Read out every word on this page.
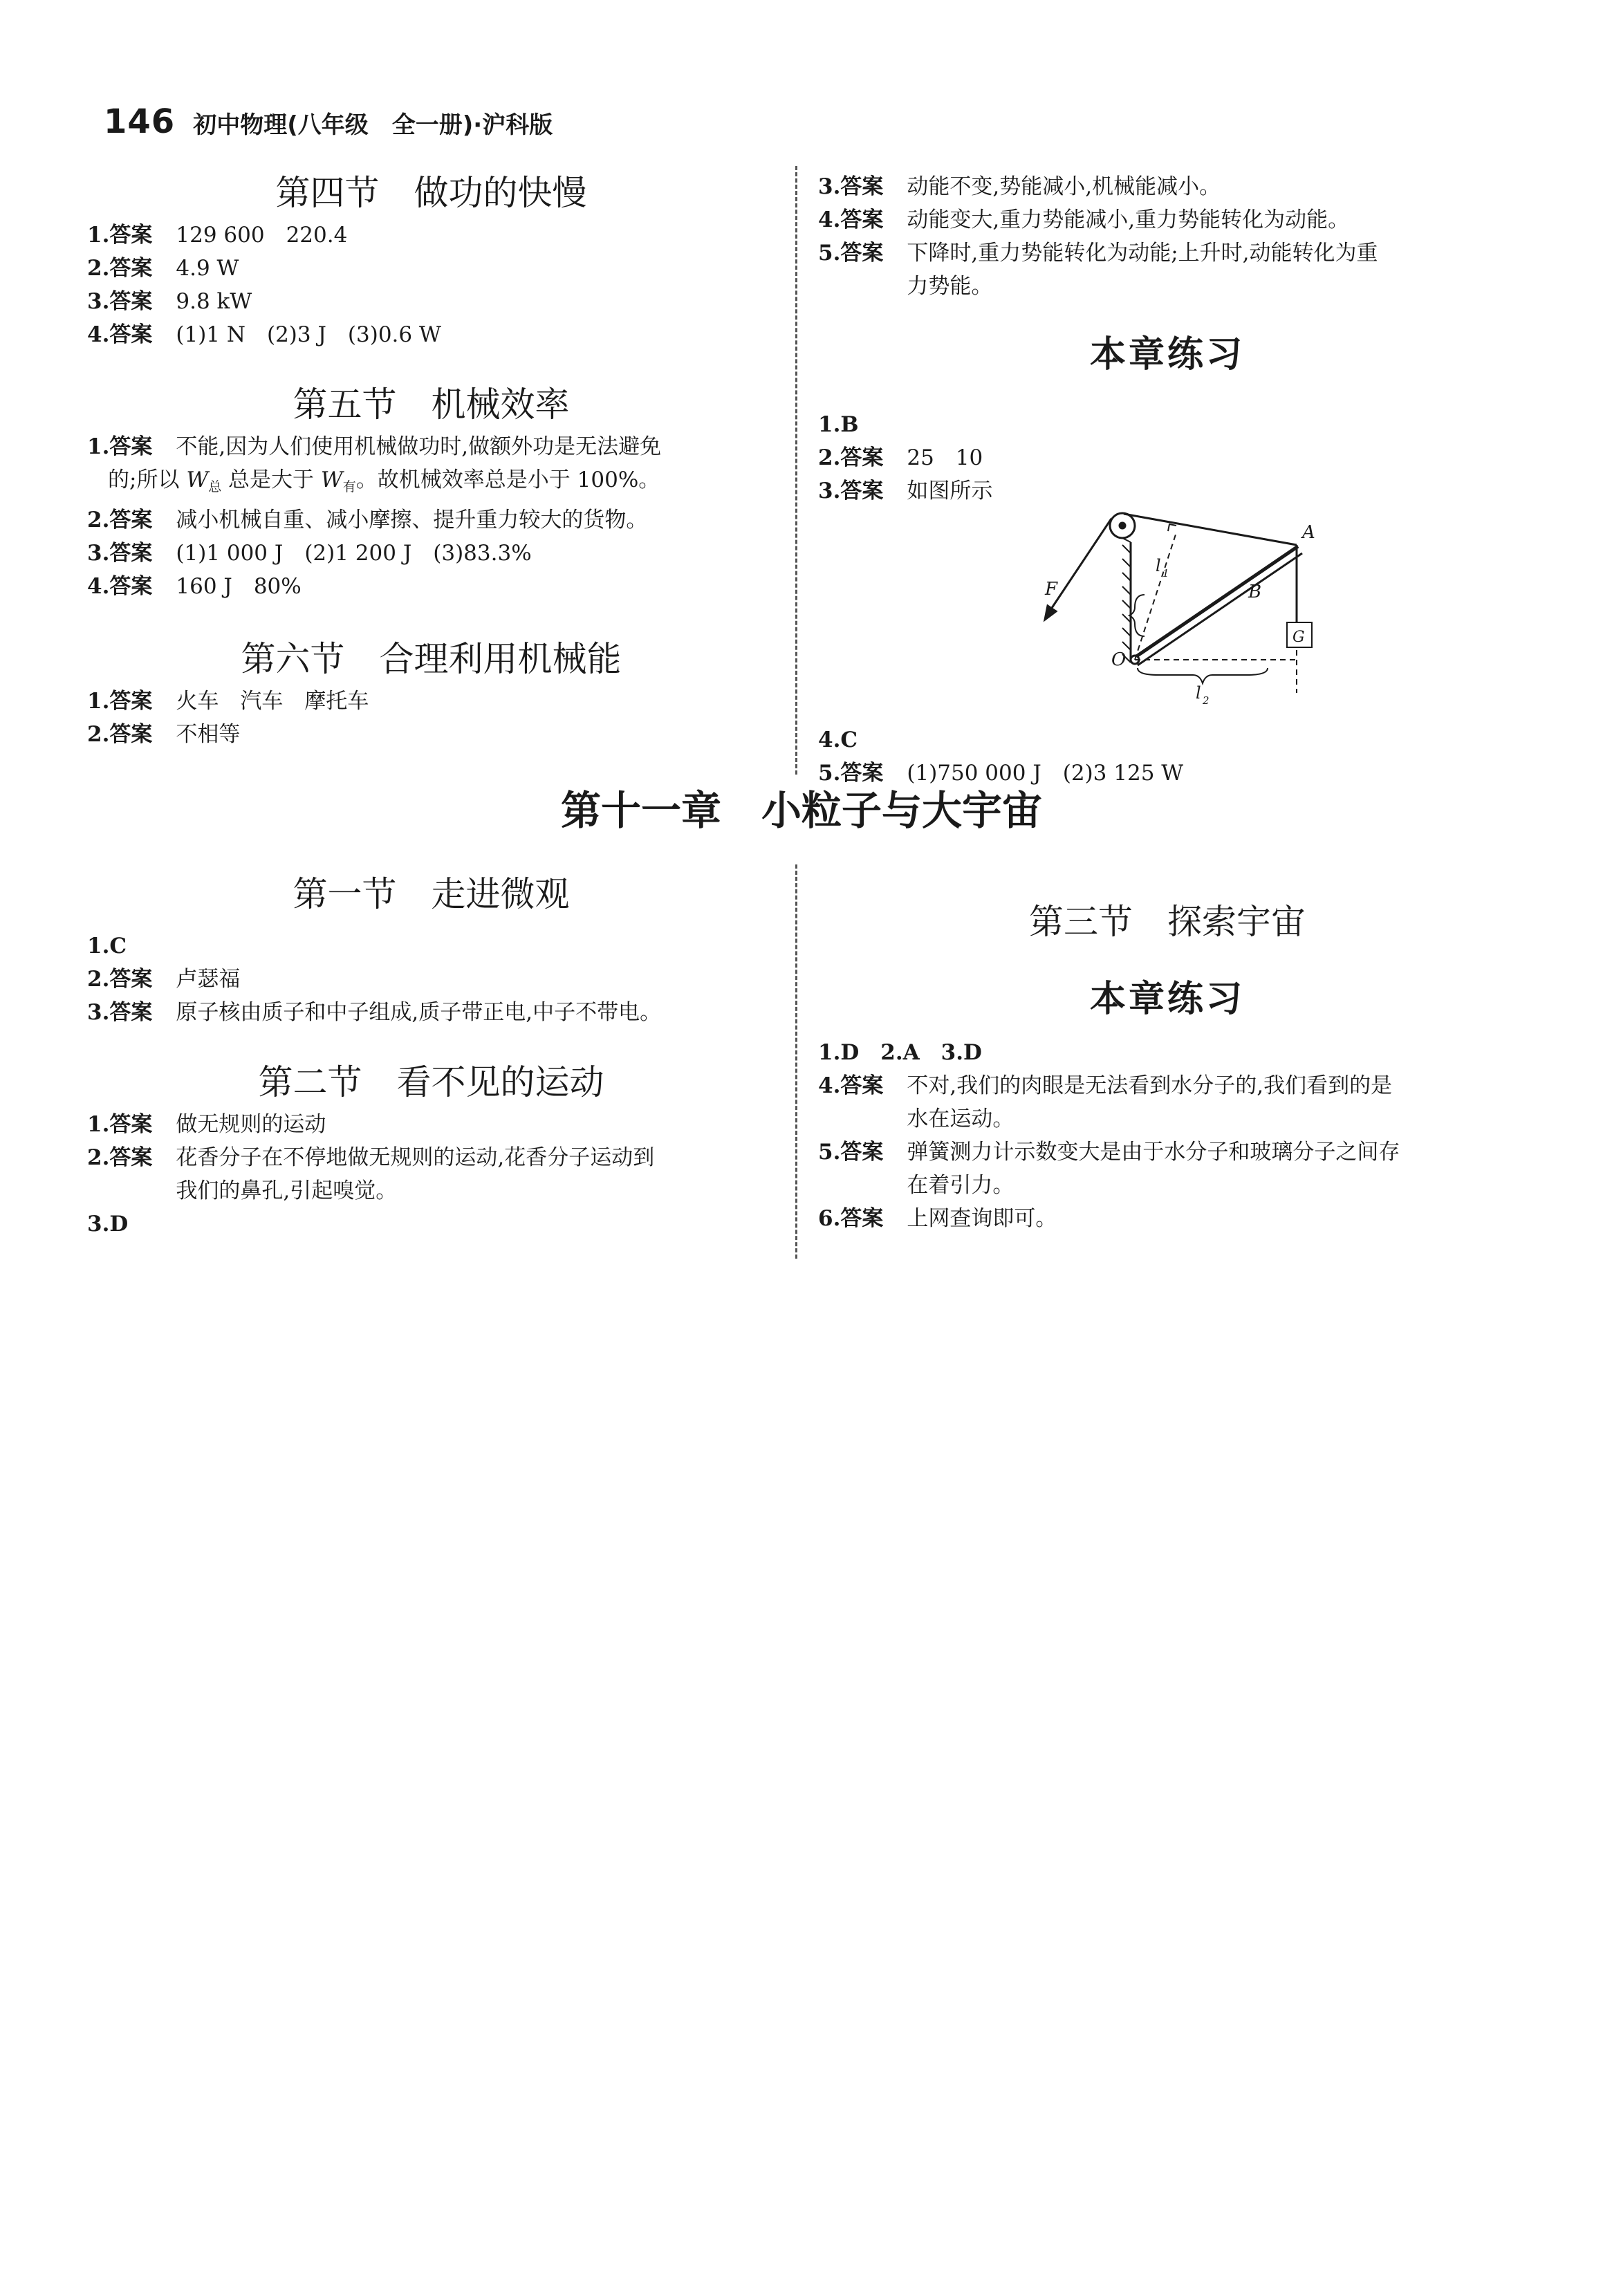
146 初中物理(八年级　全一册)·沪科版
第四节　做功的快慢
1. 答案 129 600　220.4
2. 答案 4.9 W
3. 答案 9.8 kW
4. 答案 (1)1 N　(2)3 J　(3)0.6 W
第五节　机械效率
1. 答案 不能,因为人们使用机械做功时,做额外功是无法避免
的;所以 $W_总$ 总是大于 $W_有$。故机械效率总是小于 100%。
2. 答案 减小机械自重、减小摩擦、提升重力较大的货物。
3. 答案 (1)1 000 J　(2)1 200 J　(3)83.3%
4. 答案 160 J　80%
第六节　合理利用机械能
1. 答案 火车　汽车　摩托车
2. 答案 不相等
3. 答案 动能不变,势能减小,机械能减小。
4. 答案 动能变大,重力势能减小,重力势能转化为动能。
5. 答案 下降时,重力势能转化为动能;上升时,动能转化为重
力势能。
本章练习
1. B
2. 答案 25　10
3. 答案 如图所示
A
B
F
O
G
l 1
l 2
4. C
5. 答案 (1)750 000 J　(2)3 125 W
第十一章　小粒子与大宇宙
第一节　走进微观
1. C
2. 答案 卢瑟福
3. 答案 原子核由质子和中子组成,质子带正电,中子不带电。
第二节　看不见的运动
1. 答案 做无规则的运动
2. 答案	花香分子在不停地做无规则的运动,花香分子运动到
我们的鼻孔,引起嗅觉。
3. D
第三节　探索宇宙
本章练习
1.D　2.A　3.D
4. 答案 不对,我们的肉眼是无法看到水分子的,我们看到的是
水在运动。
5. 答案 弹簧测力计示数变大是由于水分子和玻璃分子之间存
在着引力。
6. 答案 上网查询即可。
